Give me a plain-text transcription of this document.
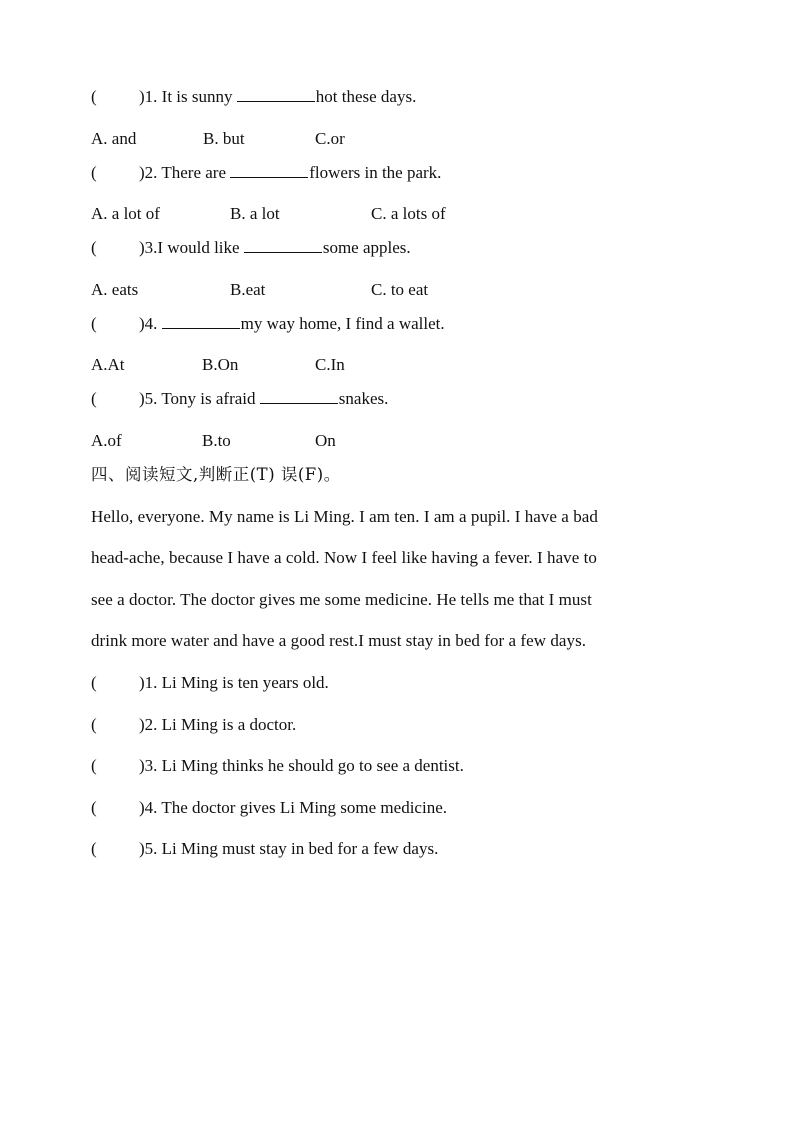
( )1. It is sunny	hot these days.
A. and	B. but	C.or
( )2. There are	flowers in the park.
A. a lot of	B. a lot	C. a lots of
( )3.I would like	some apples.
A. eats	B.eat	C. to eat
( )4.	my way home, I find a wallet.
A.At	B.On	C.In
( )5. Tony is afraid	snakes.
A.of	B.to	On
四、阅读短文,判断正(T) 误(F)。
Hello, everyone. My name is Li Ming. I am ten. I am a pupil. I have a bad
head-ache, because I have a cold. Now I feel like having a fever. I have to
see a doctor. The doctor gives me some medicine. He tells me that I must
drink more water and have a good rest.I must stay in bed for a few days.
( )1. Li Ming is ten years old.
( )2. Li Ming is a doctor.
( )3. Li Ming thinks he should go to see a dentist.
( )4. The doctor gives Li Ming some medicine.
( )5. Li Ming must stay in bed for a few days.
